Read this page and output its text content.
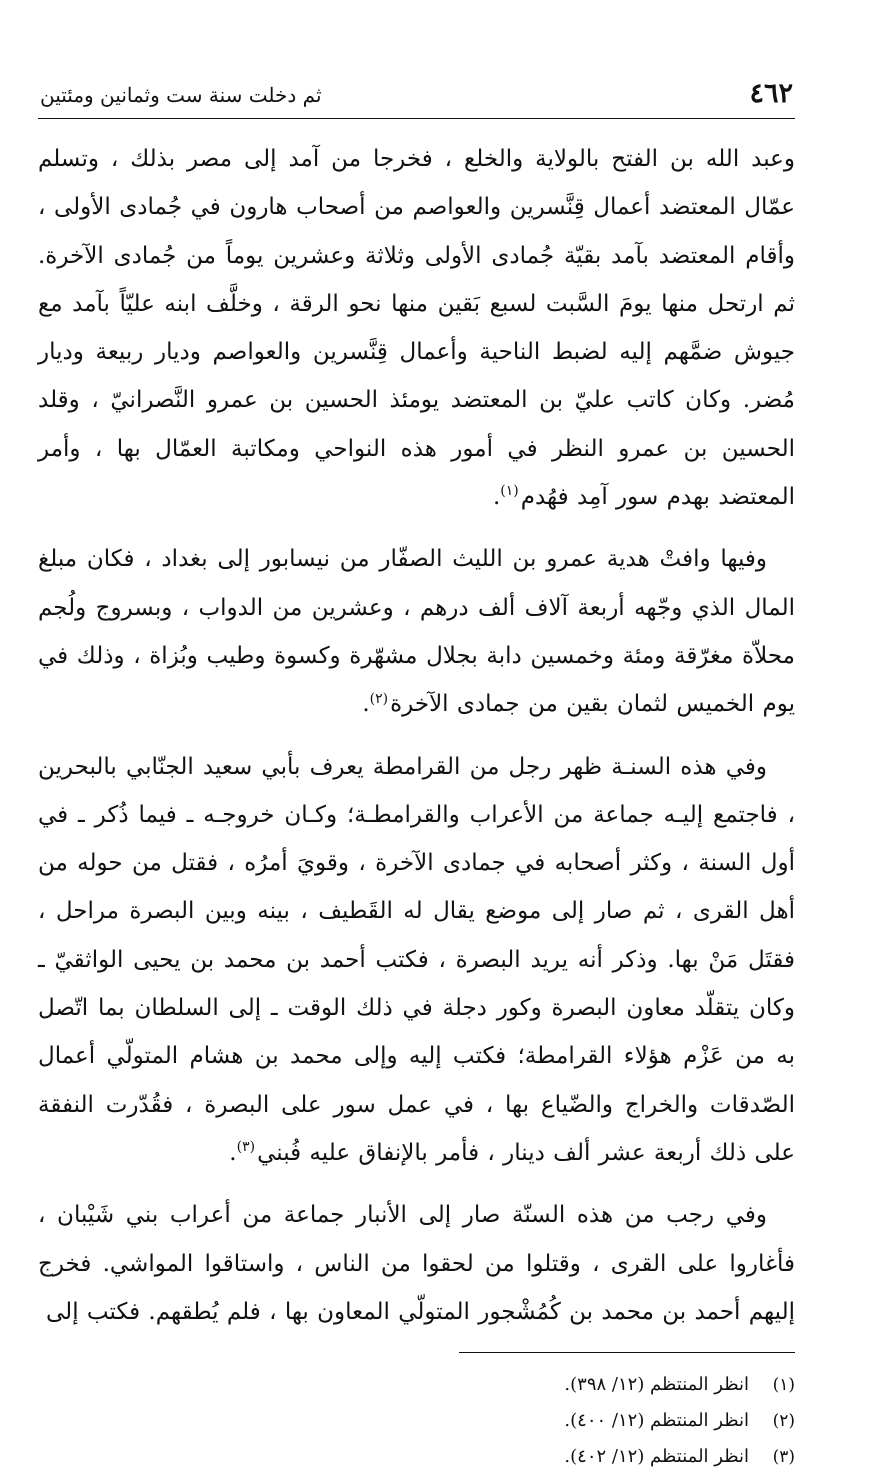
٤٦٢
ثم دخلت سنة ست وثمانين ومئتين

وعبد الله بن الفتح بالولاية والخلع ، فخرجا من آمد إلى مصر بذلك ، وتسلم عمّال المعتضد أعمال قِنَّسرين والعواصم من أصحاب هارون في جُمادى الأولى ، وأقام المعتضد بآمد بقيّة جُمادى الأولى وثلاثة وعشرين يوماً من جُمادى الآخرة. ثم ارتحل منها يومَ السَّبت لسبع بَقين منها نحو الرقة ، وخلَّف ابنه عليّاً بآمد مع جيوش ضمَّهم إليه لضبط الناحية وأعمال قِنَّسرين والعواصم وديار ربيعة وديار مُضر. وكان كاتب عليّ بن المعتضد يومئذ الحسين بن عمرو النَّصرانيّ ، وقلد الحسين بن عمرو النظر في أمور هذه النواحي ومكاتبة العمّال بها ، وأمر المعتضد بهدم سور آمِد فهُدم$^{(١)}$.

وفيها وافتْ هدية عمرو بن الليث الصفّار من نيسابور إلى بغداد ، فكان مبلغ المال الذي وجّهه أربعة آلاف ألف درهم ، وعشرين من الدواب ، وبسروج ولُجم محلاّة مغرّقة ومئة وخمسين دابة بجلال مشهّرة وكسوة وطيب وبُزاة ، وذلك في يوم الخميس لثمان بقين من جمادى الآخرة$^{(٢)}$.

وفي هذه السنـة ظهر رجل من القرامطة يعرف بأبي سعيد الجنّابي بالبحرين ، فاجتمع إليـه جماعة من الأعراب والقرامطـة؛ وكـان خروجـه ـ فيما ذُكر ـ في أول السنة ، وكثر أصحابه في جمادى الآخرة ، وقويَ أمرُه ، فقتل من حوله من أهل القرى ، ثم صار إلى موضع يقال له القَطيف ، بينه وبين البصرة مراحل ، فقتَل مَنْ بها. وذكر أنه يريد البصرة ، فكتب أحمد بن محمد بن يحيى الواثقيّ ـ وكان يتقلّد معاون البصرة وكور دجلة في ذلك الوقت ـ إلى السلطان بما اتّصل به من عَزْم هؤلاء القرامطة؛ فكتب إليه وإلى محمد بن هشام المتولّي أعمال الصّدقات والخراج والضّياع بها ، في عمل سور على البصرة ، فقُدّرت النفقة على ذلك أربعة عشر ألف دينار ، فأمر بالإنفاق عليه فُبني$^{(٣)}$.

وفي رجب من هذه السنّة صار إلى الأنبار جماعة من أعراب بني شَيْبان ، فأغاروا على القرى ، وقتلوا من لحقوا من الناس ، واستاقوا المواشي. فخرج إليهم أحمد بن محمد بن كُمُشْجور المتولّي المعاون بها ، فلم يُطقهم. فكتب إلى

(١)
انظر المنتظم (١٢/ ٣٩٨).
(٢)
انظر المنتظم (١٢/ ٤٠٠).
(٣)
انظر المنتظم (١٢/ ٤٠٢).
